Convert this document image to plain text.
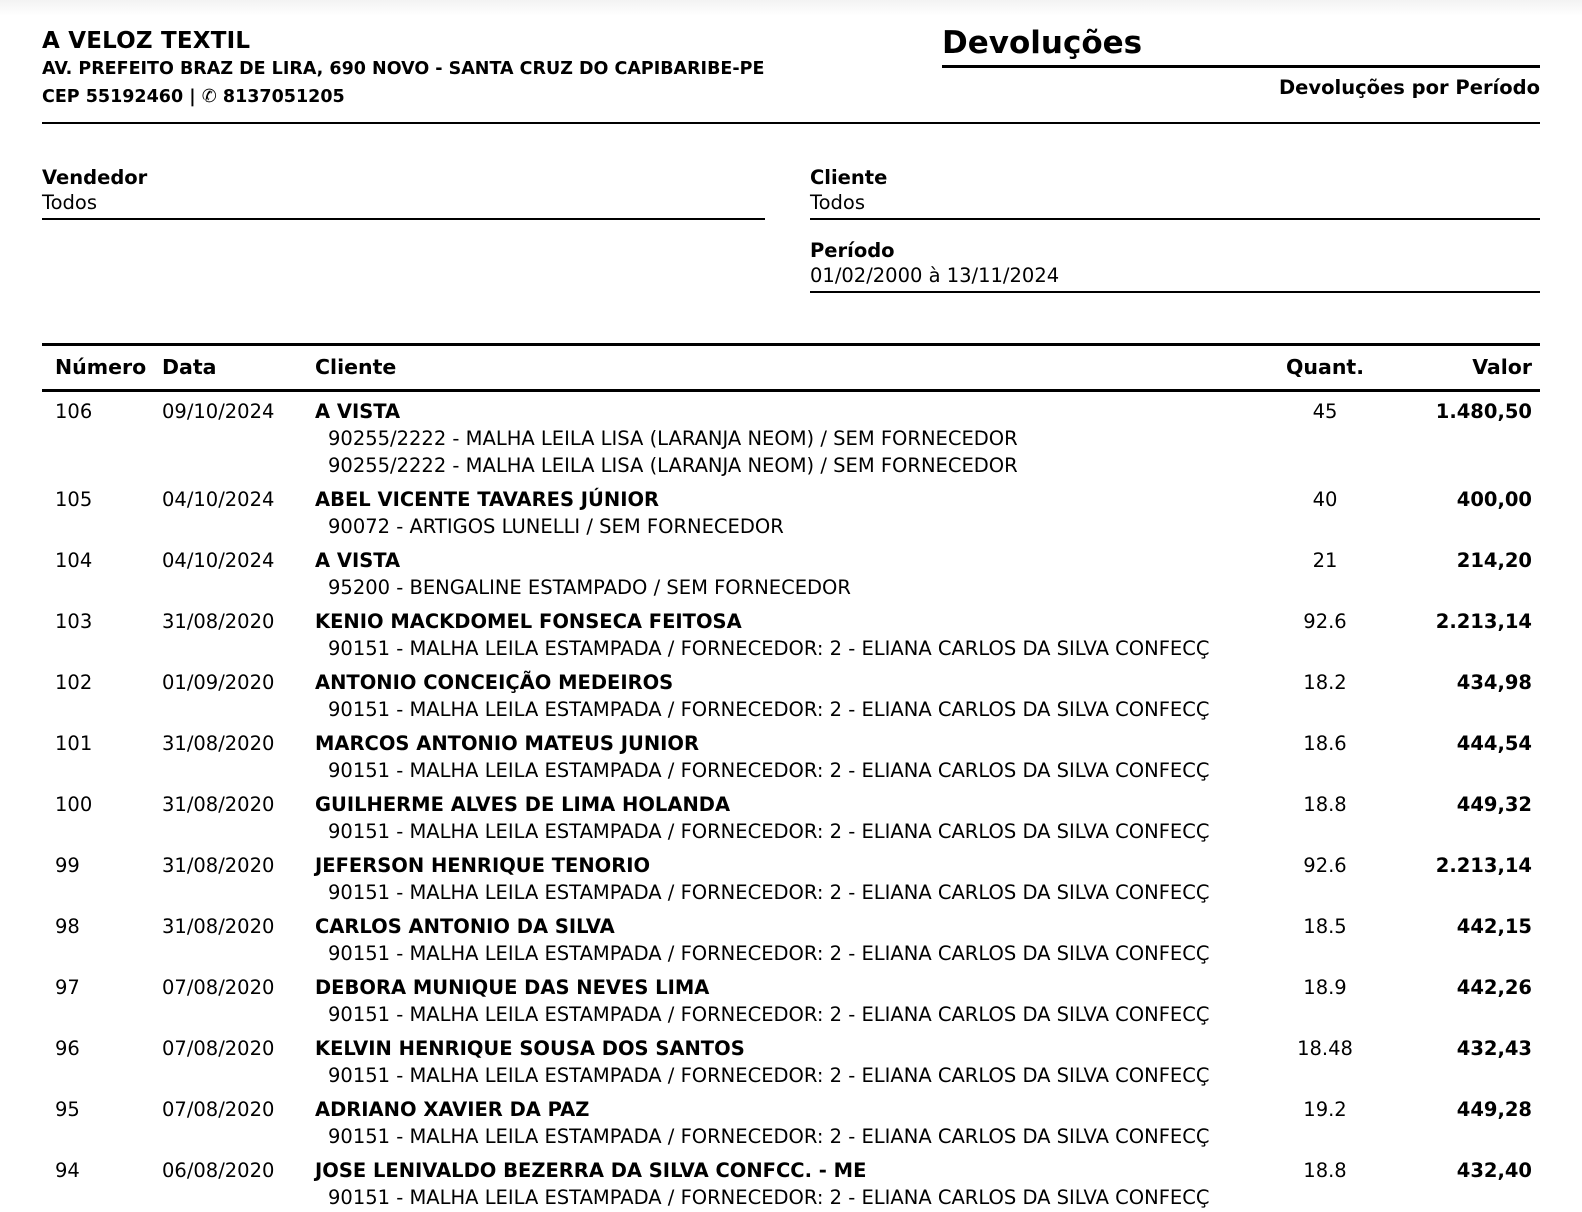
A VELOZ TEXTIL
AV. PREFEITO BRAZ DE LIRA, 690 NOVO - SANTA CRUZ DO CAPIBARIBE-PE
CEP 55192460 | ✆ 8137051205
Devoluções
Devoluções por Período
Vendedor
Todos
Cliente
Todos
Período
01/02/2000 à 13/11/2024
Número Data	Cliente	Quant.	Valor
106	09/10/2024	A VISTA	45	1.480,50
90255/2222 - MALHA LEILA LISA (LARANJA NEOM) / SEM FORNECEDOR
90255/2222 - MALHA LEILA LISA (LARANJA NEOM) / SEM FORNECEDOR
105	04/10/2024	ABEL VICENTE TAVARES JÚNIOR	40	400,00
90072 - ARTIGOS LUNELLI / SEM FORNECEDOR
104	04/10/2024	A VISTA	21	214,20
95200 - BENGALINE ESTAMPADO / SEM FORNECEDOR
103	31/08/2020	KENIO MACKDOMEL FONSECA FEITOSA	92.6	2.213,14
90151 - MALHA LEILA ESTAMPADA / FORNECEDOR: 2 - ELIANA CARLOS DA SILVA CONFECÇ
102	01/09/2020	ANTONIO CONCEIÇÃO MEDEIROS	18.2	434,98
90151 - MALHA LEILA ESTAMPADA / FORNECEDOR: 2 - ELIANA CARLOS DA SILVA CONFECÇ
101	31/08/2020	MARCOS ANTONIO MATEUS JUNIOR	18.6	444,54
90151 - MALHA LEILA ESTAMPADA / FORNECEDOR: 2 - ELIANA CARLOS DA SILVA CONFECÇ
100	31/08/2020	GUILHERME ALVES DE LIMA HOLANDA	18.8	449,32
90151 - MALHA LEILA ESTAMPADA / FORNECEDOR: 2 - ELIANA CARLOS DA SILVA CONFECÇ
99	31/08/2020	JEFERSON HENRIQUE TENORIO	92.6	2.213,14
90151 - MALHA LEILA ESTAMPADA / FORNECEDOR: 2 - ELIANA CARLOS DA SILVA CONFECÇ
98	31/08/2020	CARLOS ANTONIO DA SILVA	18.5	442,15
90151 - MALHA LEILA ESTAMPADA / FORNECEDOR: 2 - ELIANA CARLOS DA SILVA CONFECÇ
97	07/08/2020	DEBORA MUNIQUE DAS NEVES LIMA	18.9	442,26
90151 - MALHA LEILA ESTAMPADA / FORNECEDOR: 2 - ELIANA CARLOS DA SILVA CONFECÇ
96	07/08/2020	KELVIN HENRIQUE SOUSA DOS SANTOS	18.48	432,43
90151 - MALHA LEILA ESTAMPADA / FORNECEDOR: 2 - ELIANA CARLOS DA SILVA CONFECÇ
95	07/08/2020	ADRIANO XAVIER DA PAZ	19.2	449,28
90151 - MALHA LEILA ESTAMPADA / FORNECEDOR: 2 - ELIANA CARLOS DA SILVA CONFECÇ
94	06/08/2020	JOSE LENIVALDO BEZERRA DA SILVA CONFCC. - ME	18.8	432,40
90151 - MALHA LEILA ESTAMPADA / FORNECEDOR: 2 - ELIANA CARLOS DA SILVA CONFECÇ
